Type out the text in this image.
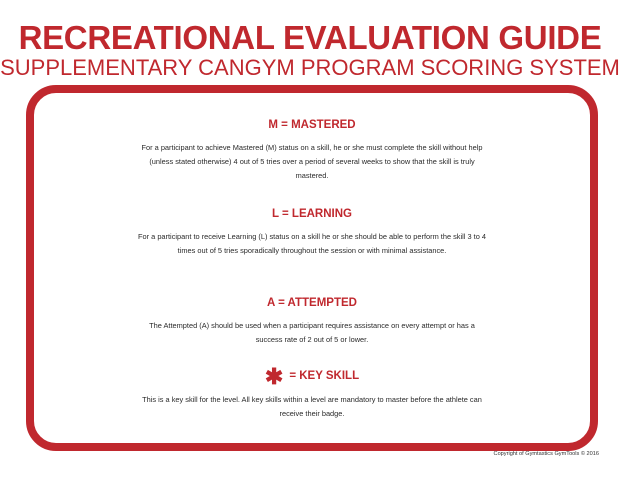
RECREATIONAL EVALUATION GUIDE
SUPPLEMENTARY CANGYM PROGRAM SCORING SYSTEM
M = MASTERED
For a participant to achieve Mastered (M) status on a skill, he or she must complete the skill without help (unless stated otherwise) 4 out of 5 tries over a period of several weeks to show that the skill is truly mastered.
L = LEARNING
For a participant to receive Learning (L) status on a skill he or she should be able to perform the skill 3 to 4 times out of 5 tries sporadically throughout the session or with minimal assistance.
A = ATTEMPTED
The Attempted (A) should be used when a participant requires assistance on every attempt or has a success rate of 2 out of 5 or lower.
✱ = KEY SKILL
This is a key skill for the level. All key skills within a level are mandatory to master before the athlete can receive their badge.
Copyright of Gymtastics GymTools © 2016
